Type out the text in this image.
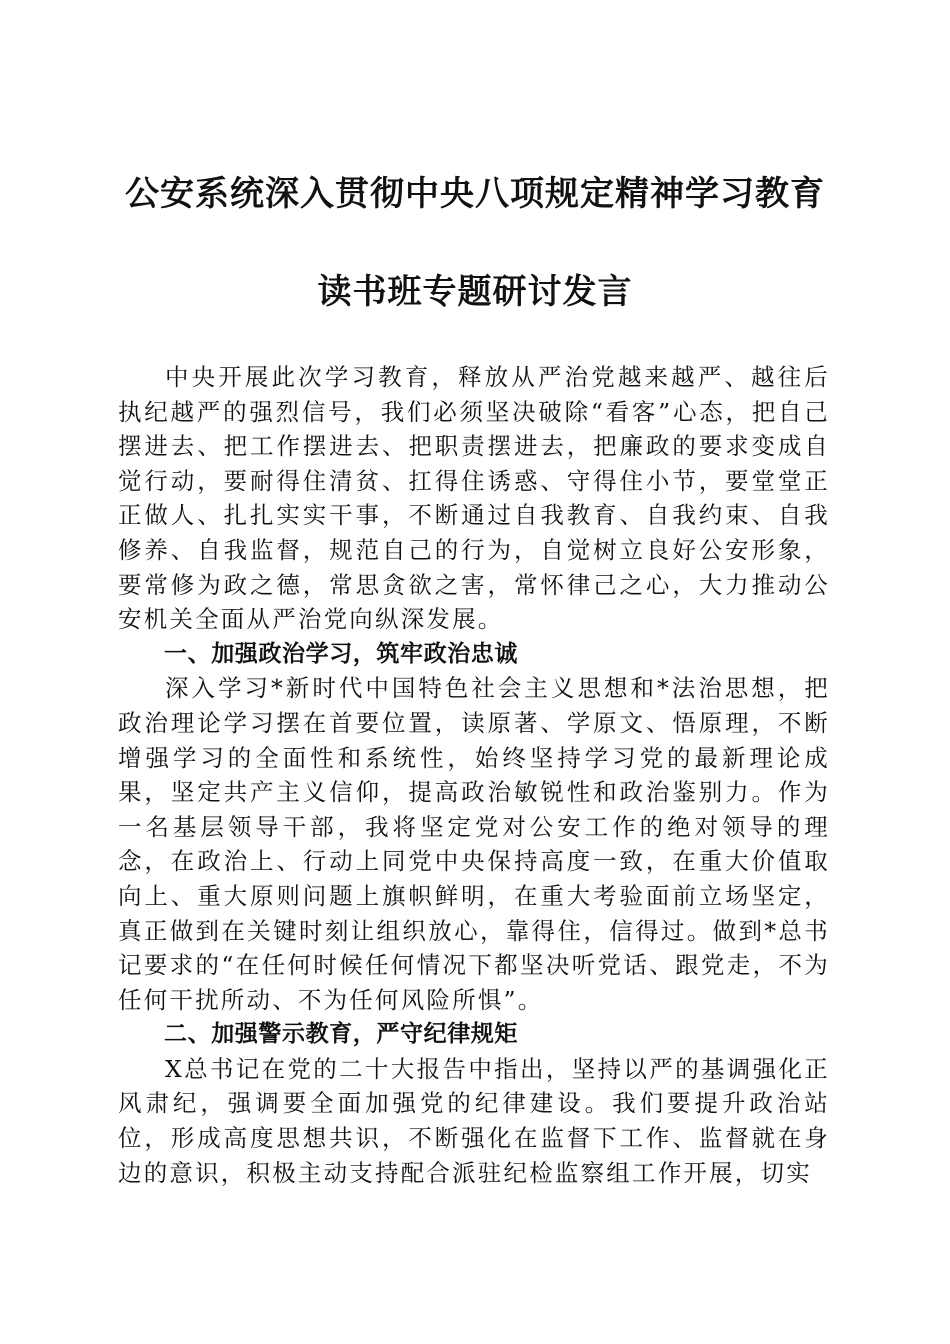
公安系统深入贯彻中央八项规定精神学习教育
读书班专题研讨发言

中央开展此次学习教育，释放从严治党越来越严、越往后执纪越严的强烈信号，我们必须坚决破除“看客”心态，把自己摆进去、把工作摆进去、把职责摆进去，把廉政的要求变成自觉行动，要耐得住清贫、扛得住诱惑、守得住小节，要堂堂正正做人、扎扎实实干事，不断通过自我教育、自我约束、自我修养、自我监督，规范自己的行为，自觉树立良好公安形象，要常修为政之德，常思贪欲之害，常怀律己之心，大力推动公安机关全面从严治党向纵深发展。

一、加强政治学习，筑牢政治忠诚

深入学习*新时代中国特色社会主义思想和*法治思想，把政治理论学习摆在首要位置，读原著、学原文、悟原理，不断增强学习的全面性和系统性，始终坚持学习党的最新理论成果，坚定共产主义信仰，提高政治敏锐性和政治鉴别力。作为一名基层领导干部，我将坚定党对公安工作的绝对领导的理念，在政治上、行动上同党中央保持高度一致，在重大价值取向上、重大原则问题上旗帜鲜明，在重大考验面前立场坚定，真正做到在关键时刻让组织放心，靠得住，信得过。做到*总书记要求的“在任何时候任何情况下都坚决听党话、跟党走，不为任何干扰所动、不为任何风险所惧”。

二、加强警示教育，严守纪律规矩

X总书记在党的二十大报告中指出，坚持以严的基调强化正风肃纪，强调要全面加强党的纪律建设。我们要提升政治站位，形成高度思想共识，不断强化在监督下工作、监督就在身边的意识，积极主动支持配合派驻纪检监察组工作开展，切实
